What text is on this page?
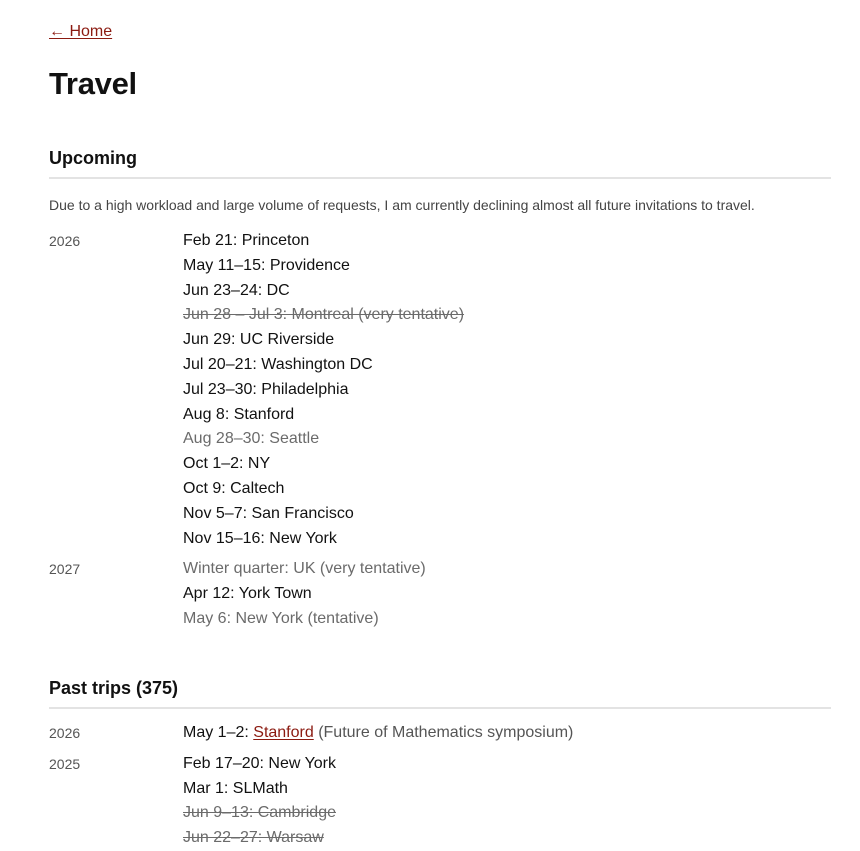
← Home
Travel
Upcoming

Due to a high workload and large volume of requests, I am currently declining almost all future invitations to travel.

2026	Feb 21: Princeton
May 11–15: Providence
Jun 23–24: DC
Jun 28 – Jul 3: Montreal (very tentative)
Jun 29: UC Riverside
Jul 20–21: Washington DC
Jul 23–30: Philadelphia
Aug 8: Stanford
Aug 28–30: Seattle
Oct 1–2: NY
Oct 9: Caltech
Nov 5–7: San Francisco
Nov 15–16: New York
2027	Winter quarter: UK (very tentative)
Apr 12: York Town
May 6: New York (tentative)
Past trips (375)
2026	May 1–2: Stanford (Future of Mathematics symposium)
2025	Feb 17–20: New York
Mar 1: SLMath
Jun 9–13: Cambridge
Jun 22–27: Warsaw
